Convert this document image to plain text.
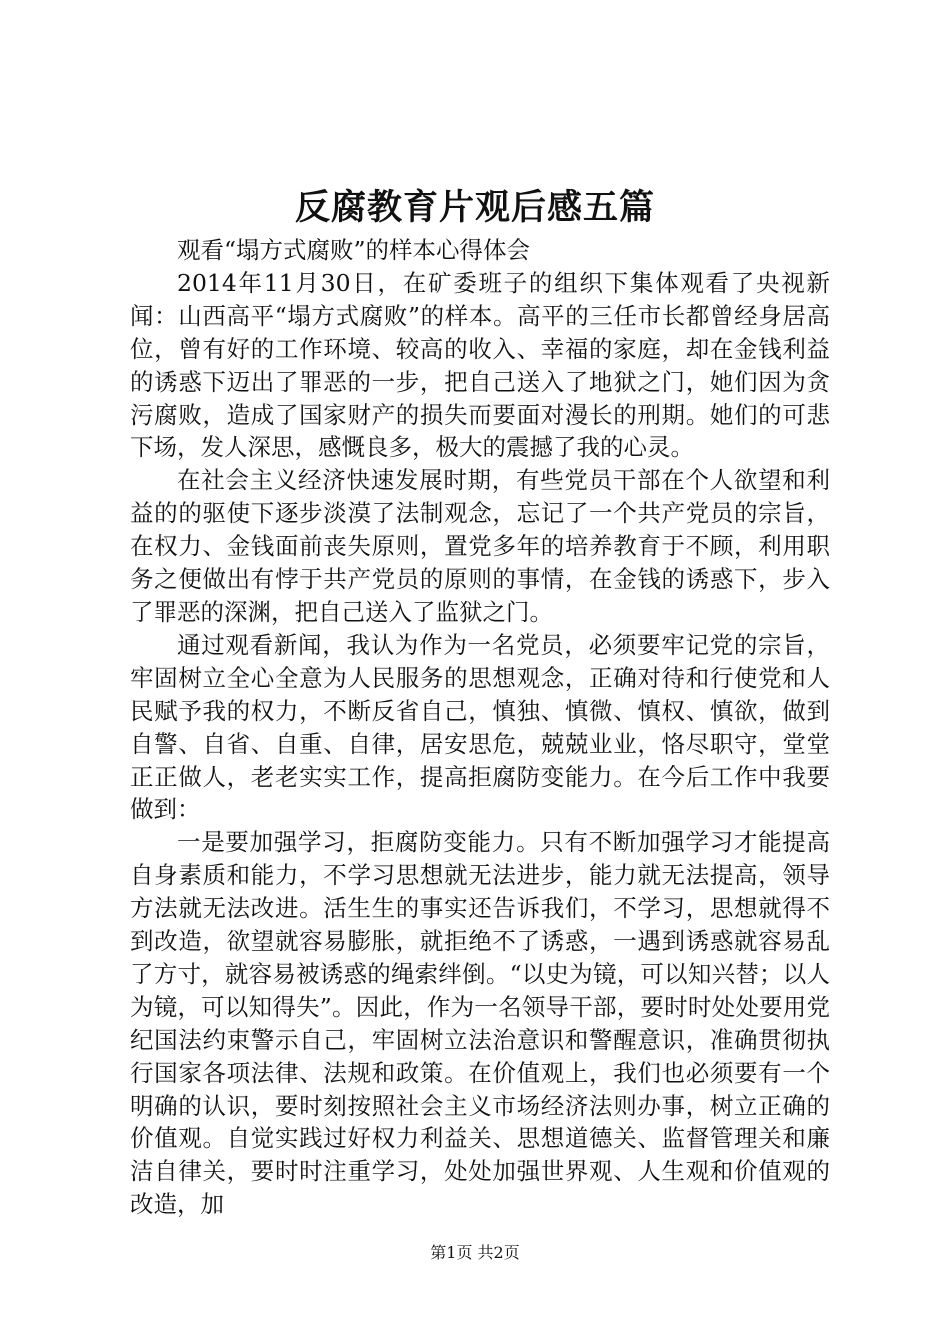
反腐教育片观后感五篇

观看“塌方式腐败”的样本心得体会

2014年11月30日，在矿委班子的组织下集体观看了央视新闻：山西高平“塌方式腐败”的样本。高平的三任市长都曾经身居高位，曾有好的工作环境、较高的收入、幸福的家庭，却在金钱利益的诱惑下迈出了罪恶的一步，把自己送入了地狱之门，她们因为贪污腐败，造成了国家财产的损失而要面对漫长的刑期。她们的可悲下场，发人深思，感慨良多，极大的震撼了我的心灵。

在社会主义经济快速发展时期，有些党员干部在个人欲望和利益的的驱使下逐步淡漠了法制观念，忘记了一个共产党员的宗旨，在权力、金钱面前丧失原则，置党多年的培养教育于不顾，利用职务之便做出有悖于共产党员的原则的事情，在金钱的诱惑下，步入了罪恶的深渊，把自己送入了监狱之门。

通过观看新闻，我认为作为一名党员，必须要牢记党的宗旨，牢固树立全心全意为人民服务的思想观念，正确对待和行使党和人民赋予我的权力，不断反省自己，慎独、慎微、慎权、慎欲，做到自警、自省、自重、自律，居安思危，兢兢业业，恪尽职守，堂堂正正做人，老老实实工作，提高拒腐防变能力。在今后工作中我要做到：

一是要加强学习，拒腐防变能力。只有不断加强学习才能提高自身素质和能力，不学习思想就无法进步，能力就无法提高，领导方法就无法改进。活生生的事实还告诉我们，不学习，思想就得不到改造，欲望就容易膨胀，就拒绝不了诱惑，一遇到诱惑就容易乱了方寸，就容易被诱惑的绳索绊倒。“以史为镜，可以知兴替；以人为镜，可以知得失”。因此，作为一名领导干部，要时时处处要用党纪国法约束警示自己，牢固树立法治意识和警醒意识，准确贯彻执行国家各项法律、法规和政策。在价值观上，我们也必须要有一个明确的认识，要时刻按照社会主义市场经济法则办事，树立正确的价值观。自觉实践过好权力利益关、思想道德关、监督管理关和廉洁自律关，要时时注重学习，处处加强世界观、人生观和价值观的改造，加

第1页 共2页
